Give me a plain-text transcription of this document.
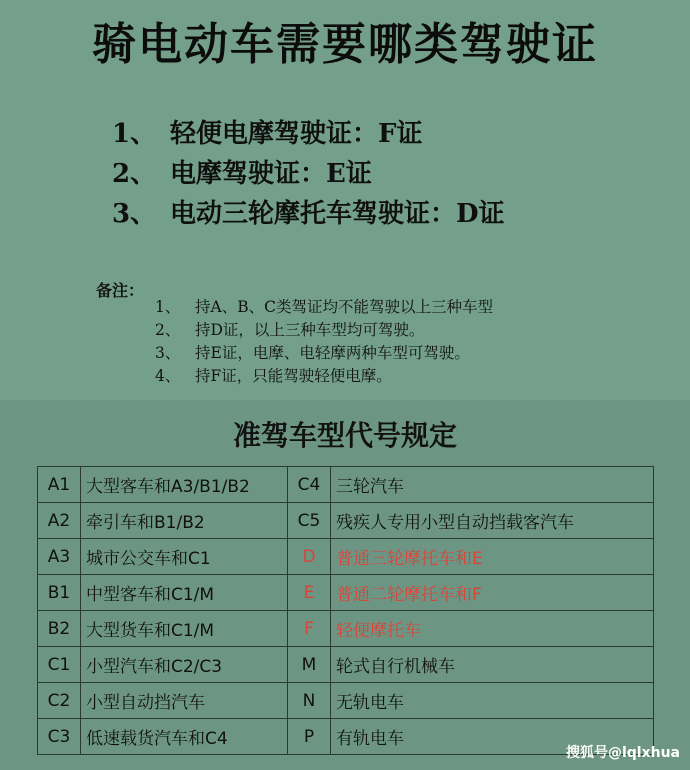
骑电动车需要哪类驾驶证
1、 轻便电摩驾驶证：F证
2、 电摩驾驶证：E证
3、 电动三轮摩托车驾驶证：D证
备注：
1、 持A、B、C类驾证均不能驾驶以上三种车型
2、 持D证，以上三种车型均可驾驶。
3、 持E证，电摩、电轻摩两种车型可驾驶。
4、 持F证，只能驾驶轻便电摩。
准驾车型代号规定
A1	大型客车和A3/B1/B2	C4	三轮汽车
A2	牵引车和B1/B2	C5	残疾人专用小型自动挡载客汽车
A3	城市公交车和C1	D	普通三轮摩托车和E
B1	中型客车和C1/M	E	普通二轮摩托车和F
B2	大型货车和C1/M	F	轻便摩托车
C1	小型汽车和C2/C3	M	轮式自行机械车
C2	小型自动挡汽车	N	无轨电车
C3	低速载货汽车和C4	P	有轨电车
搜狐号@lqlxhua
